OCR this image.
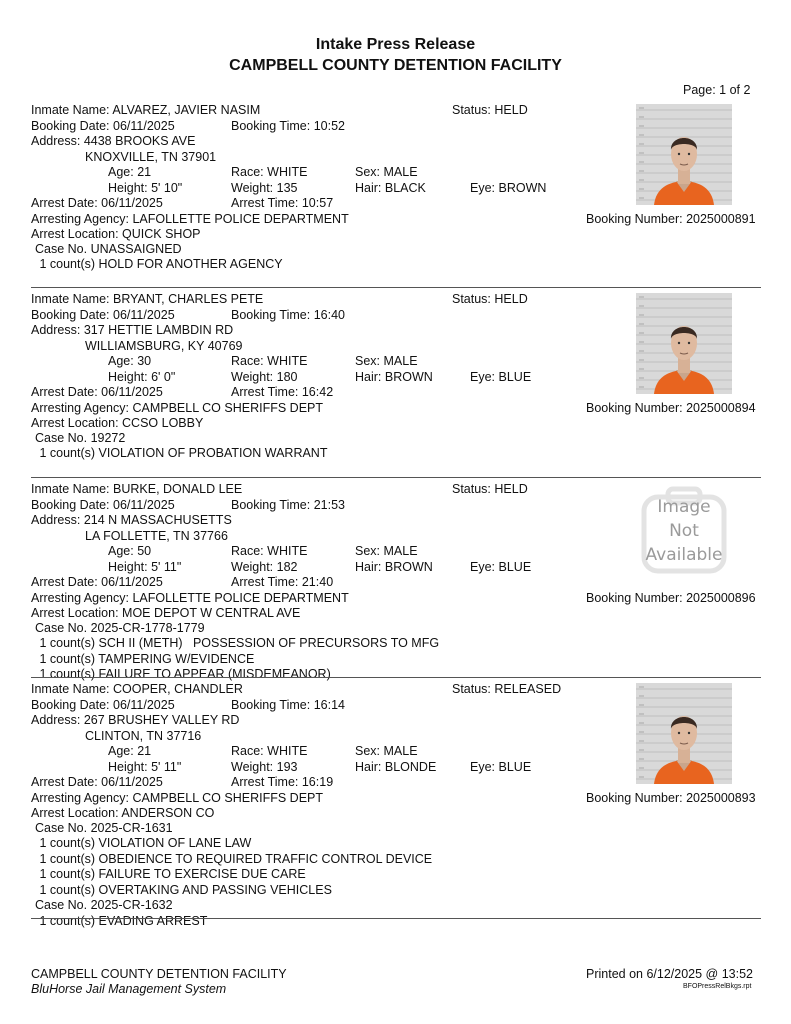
Intake Press Release
CAMPBELL COUNTY DETENTION FACILITY
Page: 1 of 2
Inmate Name: ALVAREZ, JAVIER NASIM	Status: HELD
Booking Date: 06/11/2025	Booking Time: 10:52
Address: 4438 BROOKS AVE
KNOXVILLE, TN 37901
Age: 21	Race: WHITE	Sex: MALE
Height: 5' 10"	Weight: 135	Hair: BLACK	Eye: BROWN
Arrest Date: 06/11/2025	Arrest Time: 10:57
Arresting Agency: LAFOLLETTE POLICE DEPARTMENT	Booking Number: 2025000891
Arrest Location: QUICK SHOP
Case No. UNASSAIGNED
1 count(s) HOLD FOR ANOTHER AGENCY
Inmate Name: BRYANT, CHARLES PETE	Status: HELD
Booking Date: 06/11/2025	Booking Time: 16:40
Address: 317 HETTIE LAMBDIN RD
WILLIAMSBURG, KY 40769
Age: 30	Race: WHITE	Sex: MALE
Height: 6' 0"	Weight: 180	Hair: BROWN	Eye: BLUE
Arrest Date: 06/11/2025	Arrest Time: 16:42
Arresting Agency: CAMPBELL CO SHERIFFS DEPT	Booking Number: 2025000894
Arrest Location: CCSO LOBBY
Case No. 19272
1 count(s) VIOLATION OF PROBATION WARRANT
Inmate Name: BURKE, DONALD LEE	Status: HELD
Booking Date: 06/11/2025	Booking Time: 21:53
Address: 214 N MASSACHUSETTS
LA FOLLETTE, TN 37766
Age: 50	Race: WHITE	Sex: MALE
Height: 5' 11"	Weight: 182	Hair: BROWN	Eye: BLUE
Arrest Date: 06/11/2025	Arrest Time: 21:40
Arresting Agency: LAFOLLETTE POLICE DEPARTMENT	Booking Number: 2025000896
Arrest Location: MOE DEPOT W CENTRAL AVE
Case No. 2025-CR-1778-1779
1 count(s) SCH II (METH)   POSSESSION OF PRECURSORS TO MFG
1 count(s) TAMPERING W/EVIDENCE
1 count(s) FAILURE TO APPEAR (MISDEMEANOR)
Image
Not
Available
Inmate Name: COOPER, CHANDLER	Status: RELEASED
Booking Date: 06/11/2025	Booking Time: 16:14
Address: 267 BRUSHEY VALLEY RD
CLINTON, TN 37716
Age: 21	Race: WHITE	Sex: MALE
Height: 5' 11"	Weight: 193	Hair: BLONDE	Eye: BLUE
Arrest Date: 06/11/2025	Arrest Time: 16:19
Arresting Agency: CAMPBELL CO SHERIFFS DEPT	Booking Number: 2025000893
Arrest Location: ANDERSON CO
Case No. 2025-CR-1631
1 count(s) VIOLATION OF LANE LAW
1 count(s) OBEDIENCE TO REQUIRED TRAFFIC CONTROL DEVICE
1 count(s) FAILURE TO EXERCISE DUE CARE
1 count(s) OVERTAKING AND PASSING VEHICLES
Case No. 2025-CR-1632
1 count(s) EVADING ARREST
CAMPBELL COUNTY DETENTION FACILITY
BluHorse Jail Management System
Printed on 6/12/2025 @ 13:52
BFOPressRelBkgs.rpt
